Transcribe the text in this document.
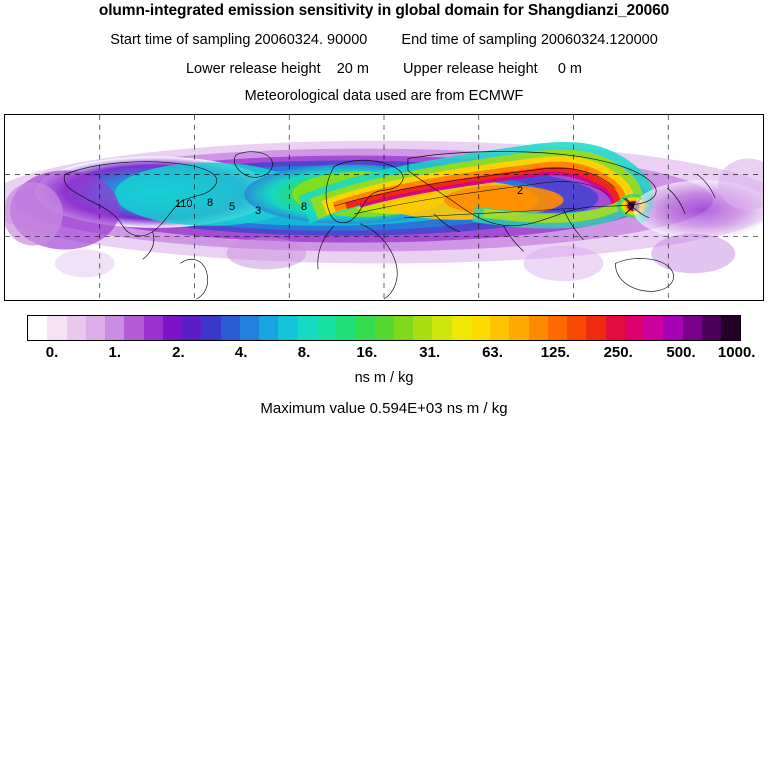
olumn-integrated emission sensitivity in global domain for Shangdianzi_20060
Start time of sampling 20060324. 90000 End time of sampling 20060324.120000
Lower release height 20 m Upper release height 0 m
Meteorological data used are from ECMWF
110 8 5 3	8
2
0.	1.	2.	4.	8.	16.	31.	63.	125. 250. 500. 1000.
ns m / kg
Maximum value 0.594E+03 ns m / kg
